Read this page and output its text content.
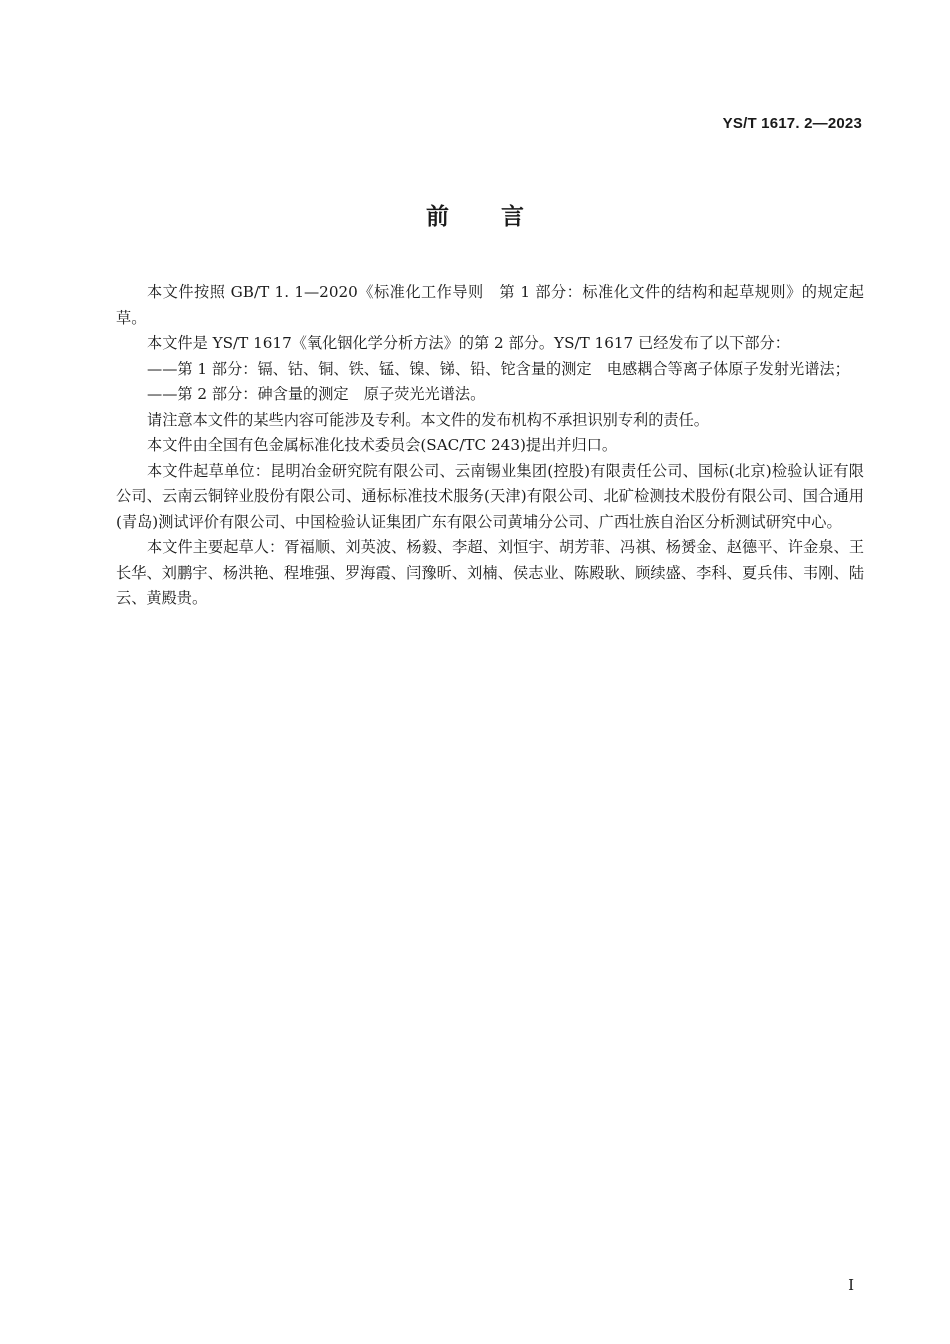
YS/T 1617. 2—2023
前言

本文件按照 GB/T 1. 1—2020《标准化工作导则　第 1 部分：标准化文件的结构和起草规则》的规定起草。

本文件是 YS/T 1617《氧化铟化学分析方法》的第 2 部分。YS/T 1617 已经发布了以下部分：

——第 1 部分：镉、钴、铜、铁、锰、镍、锑、铅、铊含量的测定　电感耦合等离子体原子发射光谱法；

——第 2 部分：砷含量的测定　原子荧光光谱法。

请注意本文件的某些内容可能涉及专利。本文件的发布机构不承担识别专利的责任。

本文件由全国有色金属标准化技术委员会(SAC/TC 243)提出并归口。

本文件起草单位：昆明冶金研究院有限公司、云南锡业集团(控股)有限责任公司、国标(北京)检验认证有限公司、云南云铜锌业股份有限公司、通标标准技术服务(天津)有限公司、北矿检测技术股份有限公司、国合通用(青岛)测试评价有限公司、中国检验认证集团广东有限公司黄埔分公司、广西壮族自治区分析测试研究中心。

本文件主要起草人：胥福顺、刘英波、杨毅、李超、刘恒宇、胡芳菲、冯祺、杨赟金、赵德平、许金泉、王长华、刘鹏宇、杨洪艳、程堆强、罗海霞、闫豫昕、刘楠、侯志业、陈殿耿、顾续盛、李科、夏兵伟、韦刚、陆云、黄殿贵。

I
